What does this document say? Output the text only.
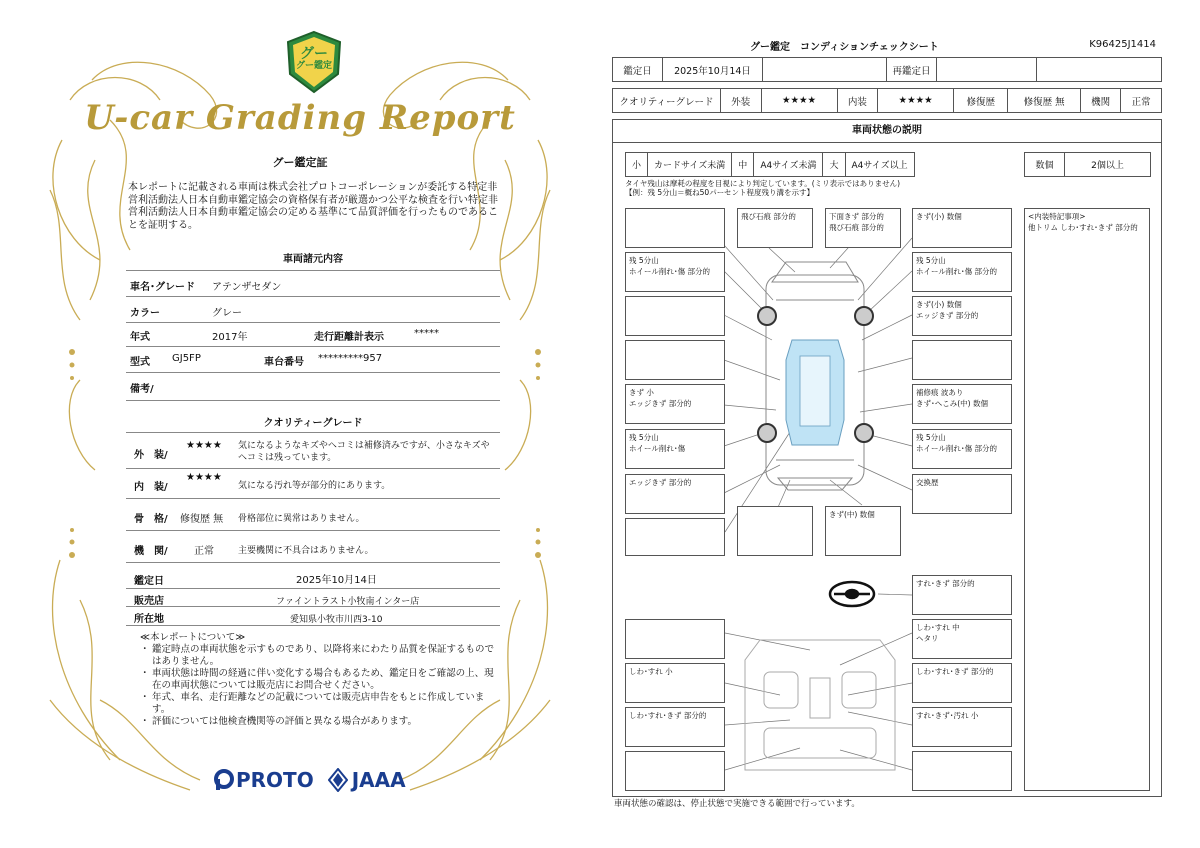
グー
グー鑑定
U-car Grading Report
グー鑑定証
本レポートに記載される車両は株式会社プロトコーポレーションが委託する特定非営利活動法人日本自動車鑑定協会の資格保有者が厳選かつ公平な検査を行い特定非営利活動法人日本自動車鑑定協会の定める基準にて品質評価を行ったものであることを証明する。
車両諸元内容
車名･グレード アテンザセダン
カラー	グレー
年式	2017年	走行距離計表示	*****
型式 GJ5FP	車台番号 *********957
備考/
クオリティーグレード
外　装/
★★★★ 気になるようなキズやヘコミは補修済みですが、小さなキズやヘコミは残っています。
内　装/
★★★★
気になる汚れ等が部分的にあります。
骨　格/ 修復歴 無 骨格部位に異常はありません。
機　関/	正常	主要機関に不具合はありません。
鑑定日	2025年10月14日
販売店	ファイントラスト小牧南インター店
所在地	愛知県小牧市川西3-10
≪本レポートについて≫
・ 鑑定時点の車両状態を示すものであり、以降将来にわたり品質を保証するものではありません。
・ 車両状態は時間の経過に伴い変化する場合もあるため、鑑定日をご確認の上、現在の車両状態については販売店にお問合せください。
・ 年式、車名、走行距離などの記載については販売店申告をもとに作成しています。
・ 評価については他検査機関等の評価と異なる場合があります。
PROTO JAAA
グー鑑定　コンディションチェックシート	K96425J1414
鑑定日	2025年10月14日		再鑑定日		
クオリティーグレード	外装	★★★★	内装	★★★★	修復歴	修復歴 無	機関	正常
車両状態の説明
小	カードサイズ未満	中	A4サイズ未満	大	A4サイズ以上	数個	2個以上
タイヤ残山は摩耗の程度を目視により判定しています。(ミリ表示ではありません)
【例：残 5分山＝概ね50パーセント程度残り溝を示す】
飛び石痕 部分的	下面きず 部分的
飛び石痕 部分的
きず(小) 数個
残 5分山
ホイール削れ･傷 部分的
残 5分山
ホイール削れ･傷 部分的
きず(小) 数個
エッジきず 部分的
きず 小
エッジきず 部分的
補修痕 波あり
きず･へこみ(中) 数個
残 5分山
ホイール削れ･傷
残 5分山
ホイール削れ･傷 部分的
エッジきず 部分的	交換歴
きず(中) 数個
すれ･きず 部分的
しわ･すれ 中
ヘタリ
しわ･すれ 小	しわ･すれ･きず 部分的
しわ･すれ･きず 部分的	すれ･きず･汚れ 小
<内装特記事項>
他トリム しわ･すれ･きず 部分的
車両状態の確認は、停止状態で実施できる範囲で行っています。
